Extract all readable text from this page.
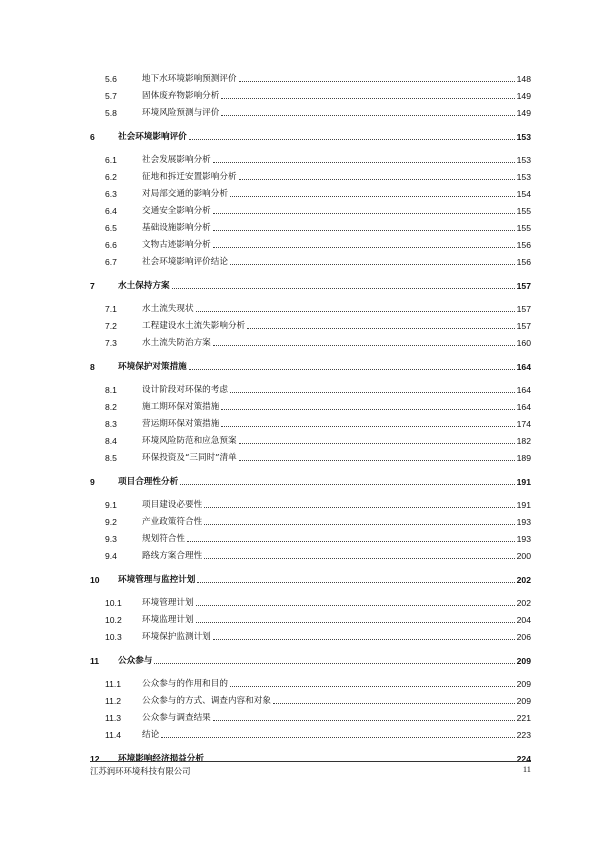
5.6	地下水环境影响预测评价	148
5.7	固体废弃物影响分析	149
5.8	环境风险预测与评价	149
6	社会环境影响评价	153
6.1	社会发展影响分析	153
6.2	征地和拆迁安置影响分析	153
6.3	对局部交通的影响分析	154
6.4	交通安全影响分析	155
6.5	基础设施影响分析	155
6.6	文物古迹影响分析	156
6.7	社会环境影响评价结论	156
7	水土保持方案	157
7.1	水土流失现状	157
7.2	工程建设水土流失影响分析	157
7.3	水土流失防治方案	160
8	环境保护对策措施	164
8.1	设计阶段对环保的考虑	164
8.2	施工期环保对策措施	164
8.3	营运期环保对策措施	174
8.4	环境风险防范和应急预案	182
8.5	环保投资及“三同时”清单	189
9	项目合理性分析	191
9.1	项目建设必要性	191
9.2	产业政策符合性	193
9.3	规划符合性	193
9.4	路线方案合理性	200
10	环境管理与监控计划	202
10.1	环境管理计划	202
10.2	环境监理计划	204
10.3	环境保护监测计划	206
11	公众参与	209
11.1	公众参与的作用和目的	209
11.2	公众参与的方式、调查内容和对象	209
11.3	公众参与调查结果	221
11.4	结论	223
12	环境影响经济损益分析	224
江苏润环环境科技有限公司	11
